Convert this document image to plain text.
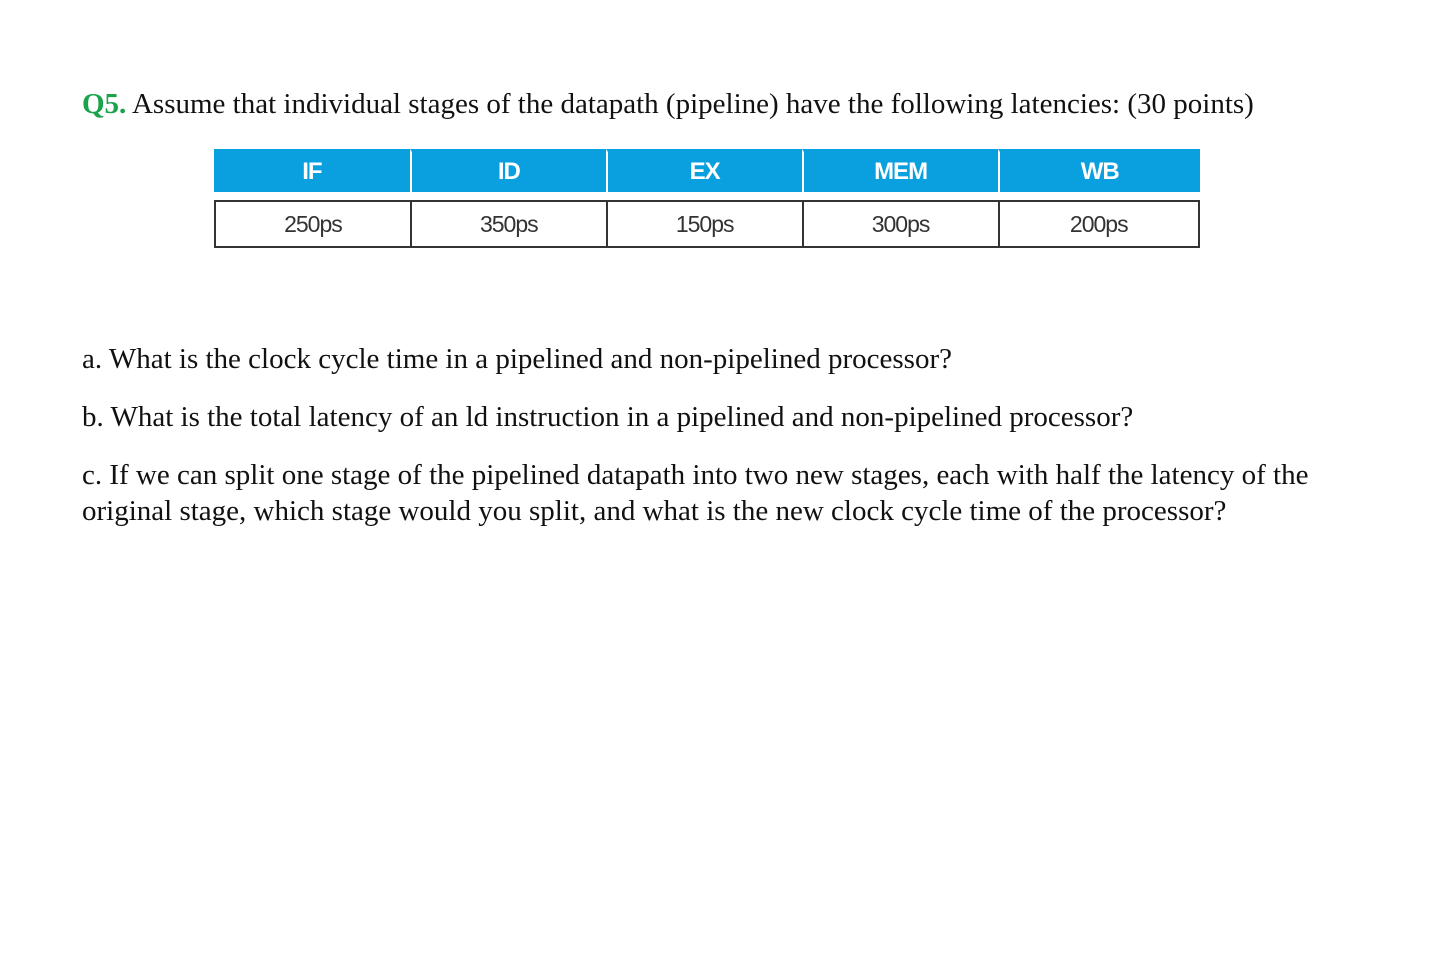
Q5. Assume that individual stages of the datapath (pipeline) have the following latencies: (30 points)
IF	ID	EX	MEM	WB

250ps	350ps	150ps	300ps	200ps
a. What is the clock cycle time in a pipelined and non-pipelined processor?
b. What is the total latency of an ld instruction in a pipelined and non-pipelined processor?
c. If we can split one stage of the pipelined datapath into two new stages, each with half the latency of the original stage, which stage would you split, and what is the new clock cycle time of the processor?
